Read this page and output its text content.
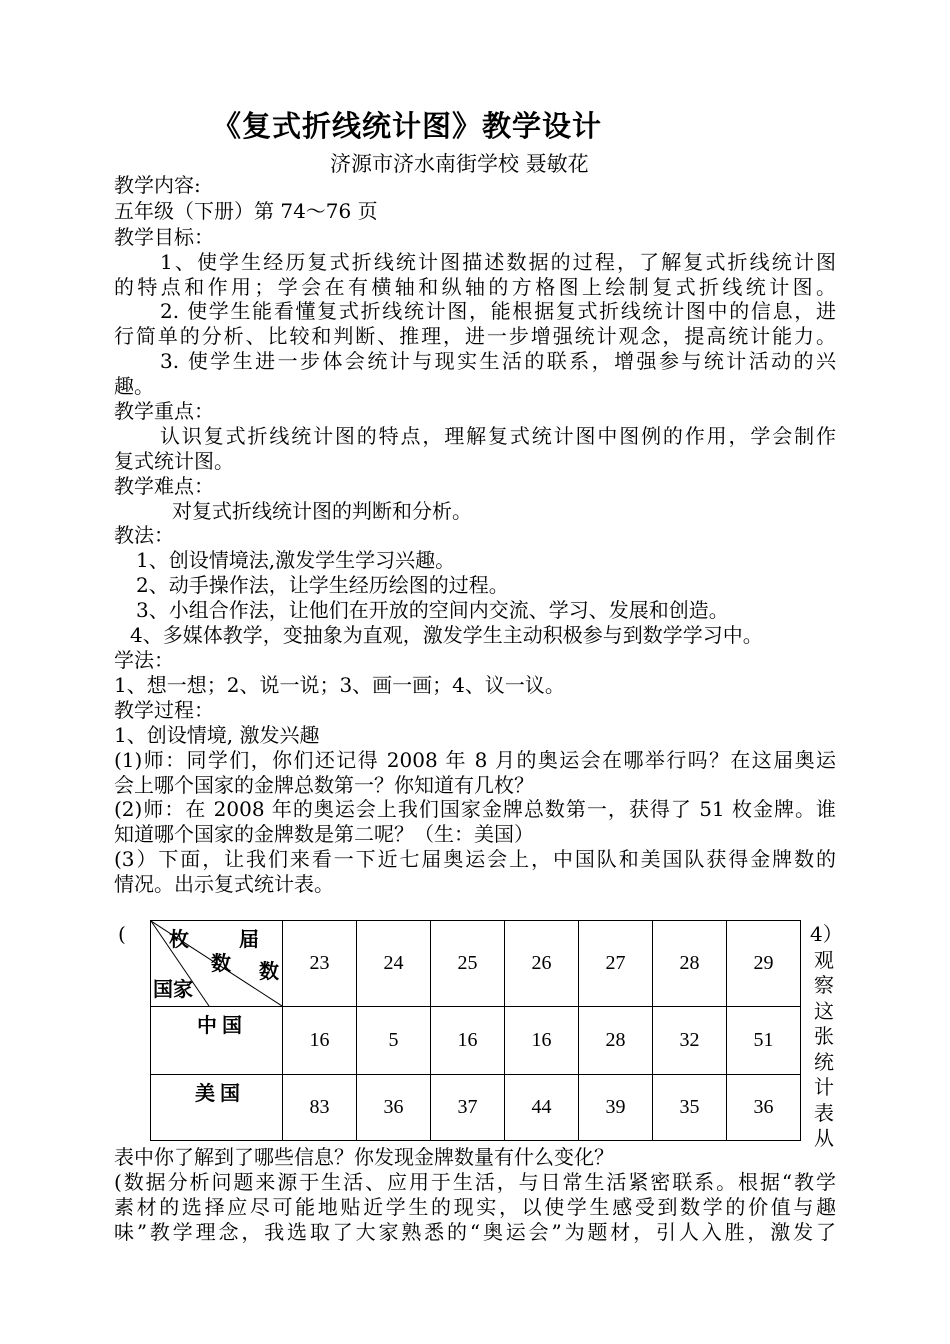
《复式折线统计图》教学设计
济源市济水南街学校 聂敏花
教学内容:
五年级（下册）第 74～76 页
教学目标：
1、使学生经历复式折线统计图描述数据的过程，了解复式折线统计图
的特点和作用；学会在有横轴和纵轴的方格图上绘制复式折线统计图。
2. 使学生能看懂复式折线统计图，能根据复式折线统计图中的信息，进
行简单的分析、比较和判断、推理，进一步增强统计观念，提高统计能力。
3. 使学生进一步体会统计与现实生活的联系，增强参与统计活动的兴
趣。
教学重点：
认识复式折线统计图的特点，理解复式统计图中图例的作用，学会制作
复式统计图。
教学难点：
对复式折线统计图的判断和分析。
教法：
1、创设情境法,激发学生学习兴趣。
2、动手操作法，让学生经历绘图的过程。
3、小组合作法，让他们在开放的空间内交流、学习、发展和创造。
4、多媒体教学，变抽象为直观，激发学生主动积极参与到数学学习中。
学法：
1、想一想；2、说一说；3、画一画；4、议一议。
教学过程：
1、创设情境, 激发兴趣
(1)师：同学们，你们还记得 2008 年 8 月的奥运会在哪举行吗？在这届奥运
会上哪个国家的金牌总数第一？你知道有几枚？
(2)师：在 2008 年的奥运会上我们国家金牌总数第一，获得了 51 枚金牌。谁
知道哪个国家的金牌数是第二呢？（生：美国）
(3）下面，让我们来看一下近七届奥运会上，中国队和美国队获得金牌数的
情况。出示复式统计表。
( 枚 届
数 数
国家	23	24	25	26	27	28	29

中 国	16	5	16	16	28	32	51

美 国	83	36	37	44	39	35	36
4）
观
察
这
张
统
计
表
从
表中你了解到了哪些信息？你发现金牌数量有什么变化？
(数据分析问题来源于生活、应用于生活，与日常生活紧密联系。根据“教学
素材的选择应尽可能地贴近学生的现实，以使学生感受到数学的价值与趣
味”教学理念，我选取了大家熟悉的“奥运会”为题材，引人入胜，激发了
